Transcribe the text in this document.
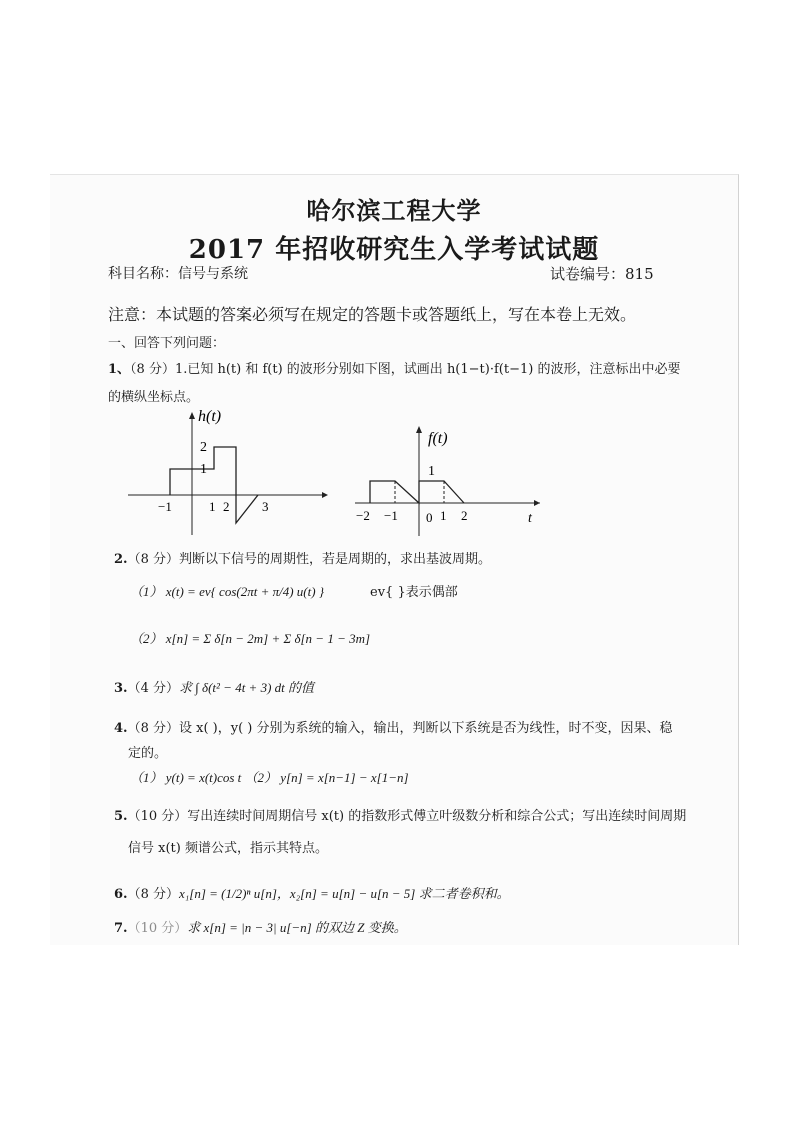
哈尔滨工程大学
2017 年招收研究生入学考试试题
科目名称：信号与系统	试卷编号：815
注意：本试题的答案必须写在规定的答题卡或答题纸上，写在本卷上无效。
一、回答下列问题：
1、（8 分）1.已知 h(t) 和 f(t) 的波形分别如下图，试画出 h(1−t)·f(t−1) 的波形，注意标出中必要
的横纵坐标点。
h(t)
2
1
−1	1 2	3
f(t)
1
−2 −1 0 1 2	t
2.（8 分）判断以下信号的周期性，若是周期的，求出基波周期。
（1） x(t) = ev{ cos(2πt + π/4) u(t) }	ev{ }表示偶部
（2） x[n] = Σ δ[n − 2m] + Σ δ[n − 1 − 3m]
3.（4 分）求 ∫ δ(t² − 4t + 3) dt 的值
4.（8 分）设 x( )，y( ) 分别为系统的输入，输出，判断以下系统是否为线性，时不变，因果、稳
定的。
（1） y(t) = x(t)cos t （2） y[n] = x[n−1] − x[1−n]
5.（10 分）写出连续时间周期信号 x(t) 的指数形式傅立叶级数分析和综合公式；写出连续时间周期
信号 x(t) 频谱公式，指示其特点。
6.（8 分）x₁[n] = (1/2)ⁿ u[n]，x₂[n] = u[n] − u[n − 5] 求二者卷积和。
7.（10 分）求 x[n] = |n − 3| u[−n] 的双边 Z 变换。
